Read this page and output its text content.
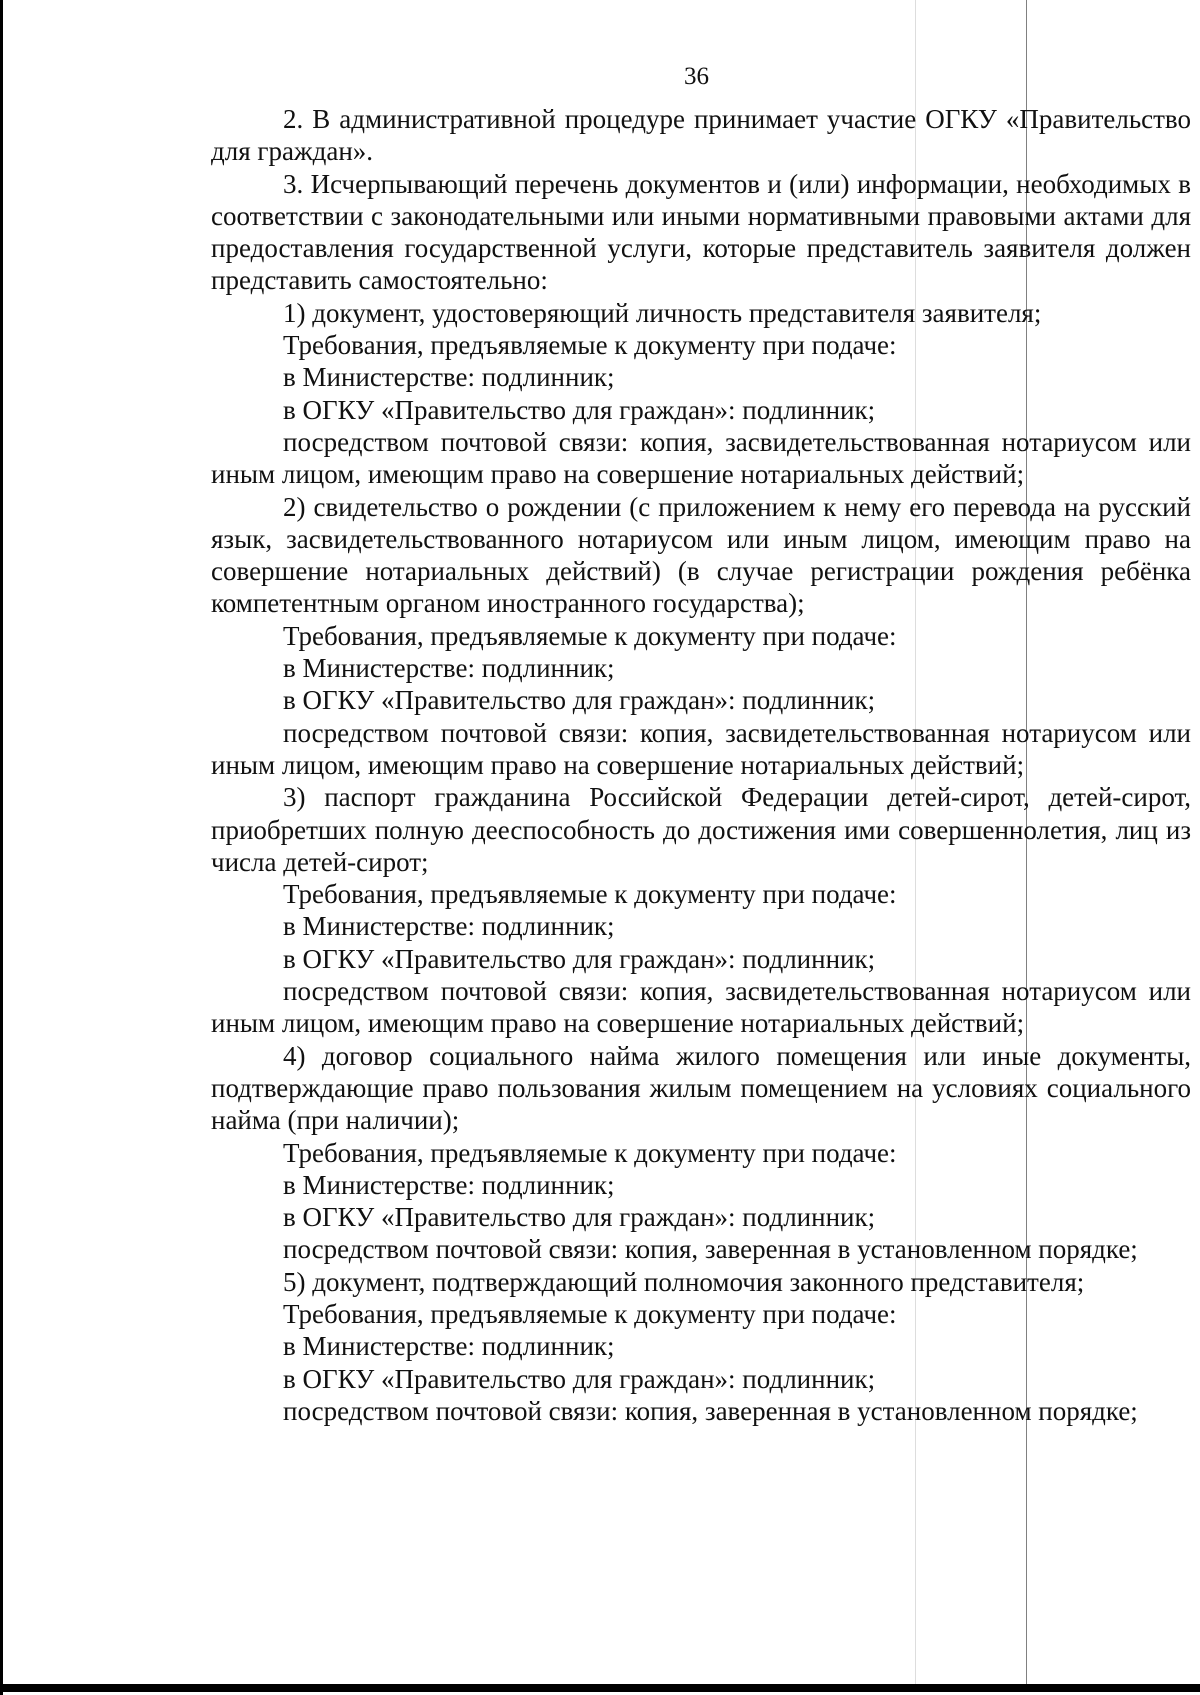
36

2. В административной процедуре принимает участие ОГКУ «Правительство для граждан».

3. Исчерпывающий перечень документов и (или) информации, необходимых в соответствии с законодательными или иными нормативными правовыми актами для предоставления государственной услуги, которые представитель заявителя должен представить самостоятельно:

1) документ, удостоверяющий личность представителя заявителя;

Требования, предъявляемые к документу при подаче:

в Министерстве: подлинник;

в ОГКУ «Правительство для граждан»: подлинник;

посредством почтовой связи: копия, засвидетельствованная нотариусом или иным лицом, имеющим право на совершение нотариальных действий;

2) свидетельство о рождении (с приложением к нему его перевода на русский язык, засвидетельствованного нотариусом или иным лицом, имеющим право на совершение нотариальных действий) (в случае регистрации рождения ребёнка компетентным органом иностранного государства);

Требования, предъявляемые к документу при подаче:

в Министерстве: подлинник;

в ОГКУ «Правительство для граждан»: подлинник;

посредством почтовой связи: копия, засвидетельствованная нотариусом или иным лицом, имеющим право на совершение нотариальных действий;

3) паспорт гражданина Российской Федерации детей-сирот, детей-сирот, приобретших полную дееспособность до достижения ими совершеннолетия, лиц из числа детей-сирот;

Требования, предъявляемые к документу при подаче:

в Министерстве: подлинник;

в ОГКУ «Правительство для граждан»: подлинник;

посредством почтовой связи: копия, засвидетельствованная нотариусом или иным лицом, имеющим право на совершение нотариальных действий;

4) договор социального найма жилого помещения или иные документы, подтверждающие право пользования жилым помещением на условиях социального найма (при наличии);

Требования, предъявляемые к документу при подаче:

в Министерстве: подлинник;

в ОГКУ «Правительство для граждан»: подлинник;

посредством почтовой связи: копия, заверенная в установленном порядке;

5) документ, подтверждающий полномочия законного представителя;

Требования, предъявляемые к документу при подаче:

в Министерстве: подлинник;

в ОГКУ «Правительство для граждан»: подлинник;

посредством почтовой связи: копия, заверенная в установленном порядке;
